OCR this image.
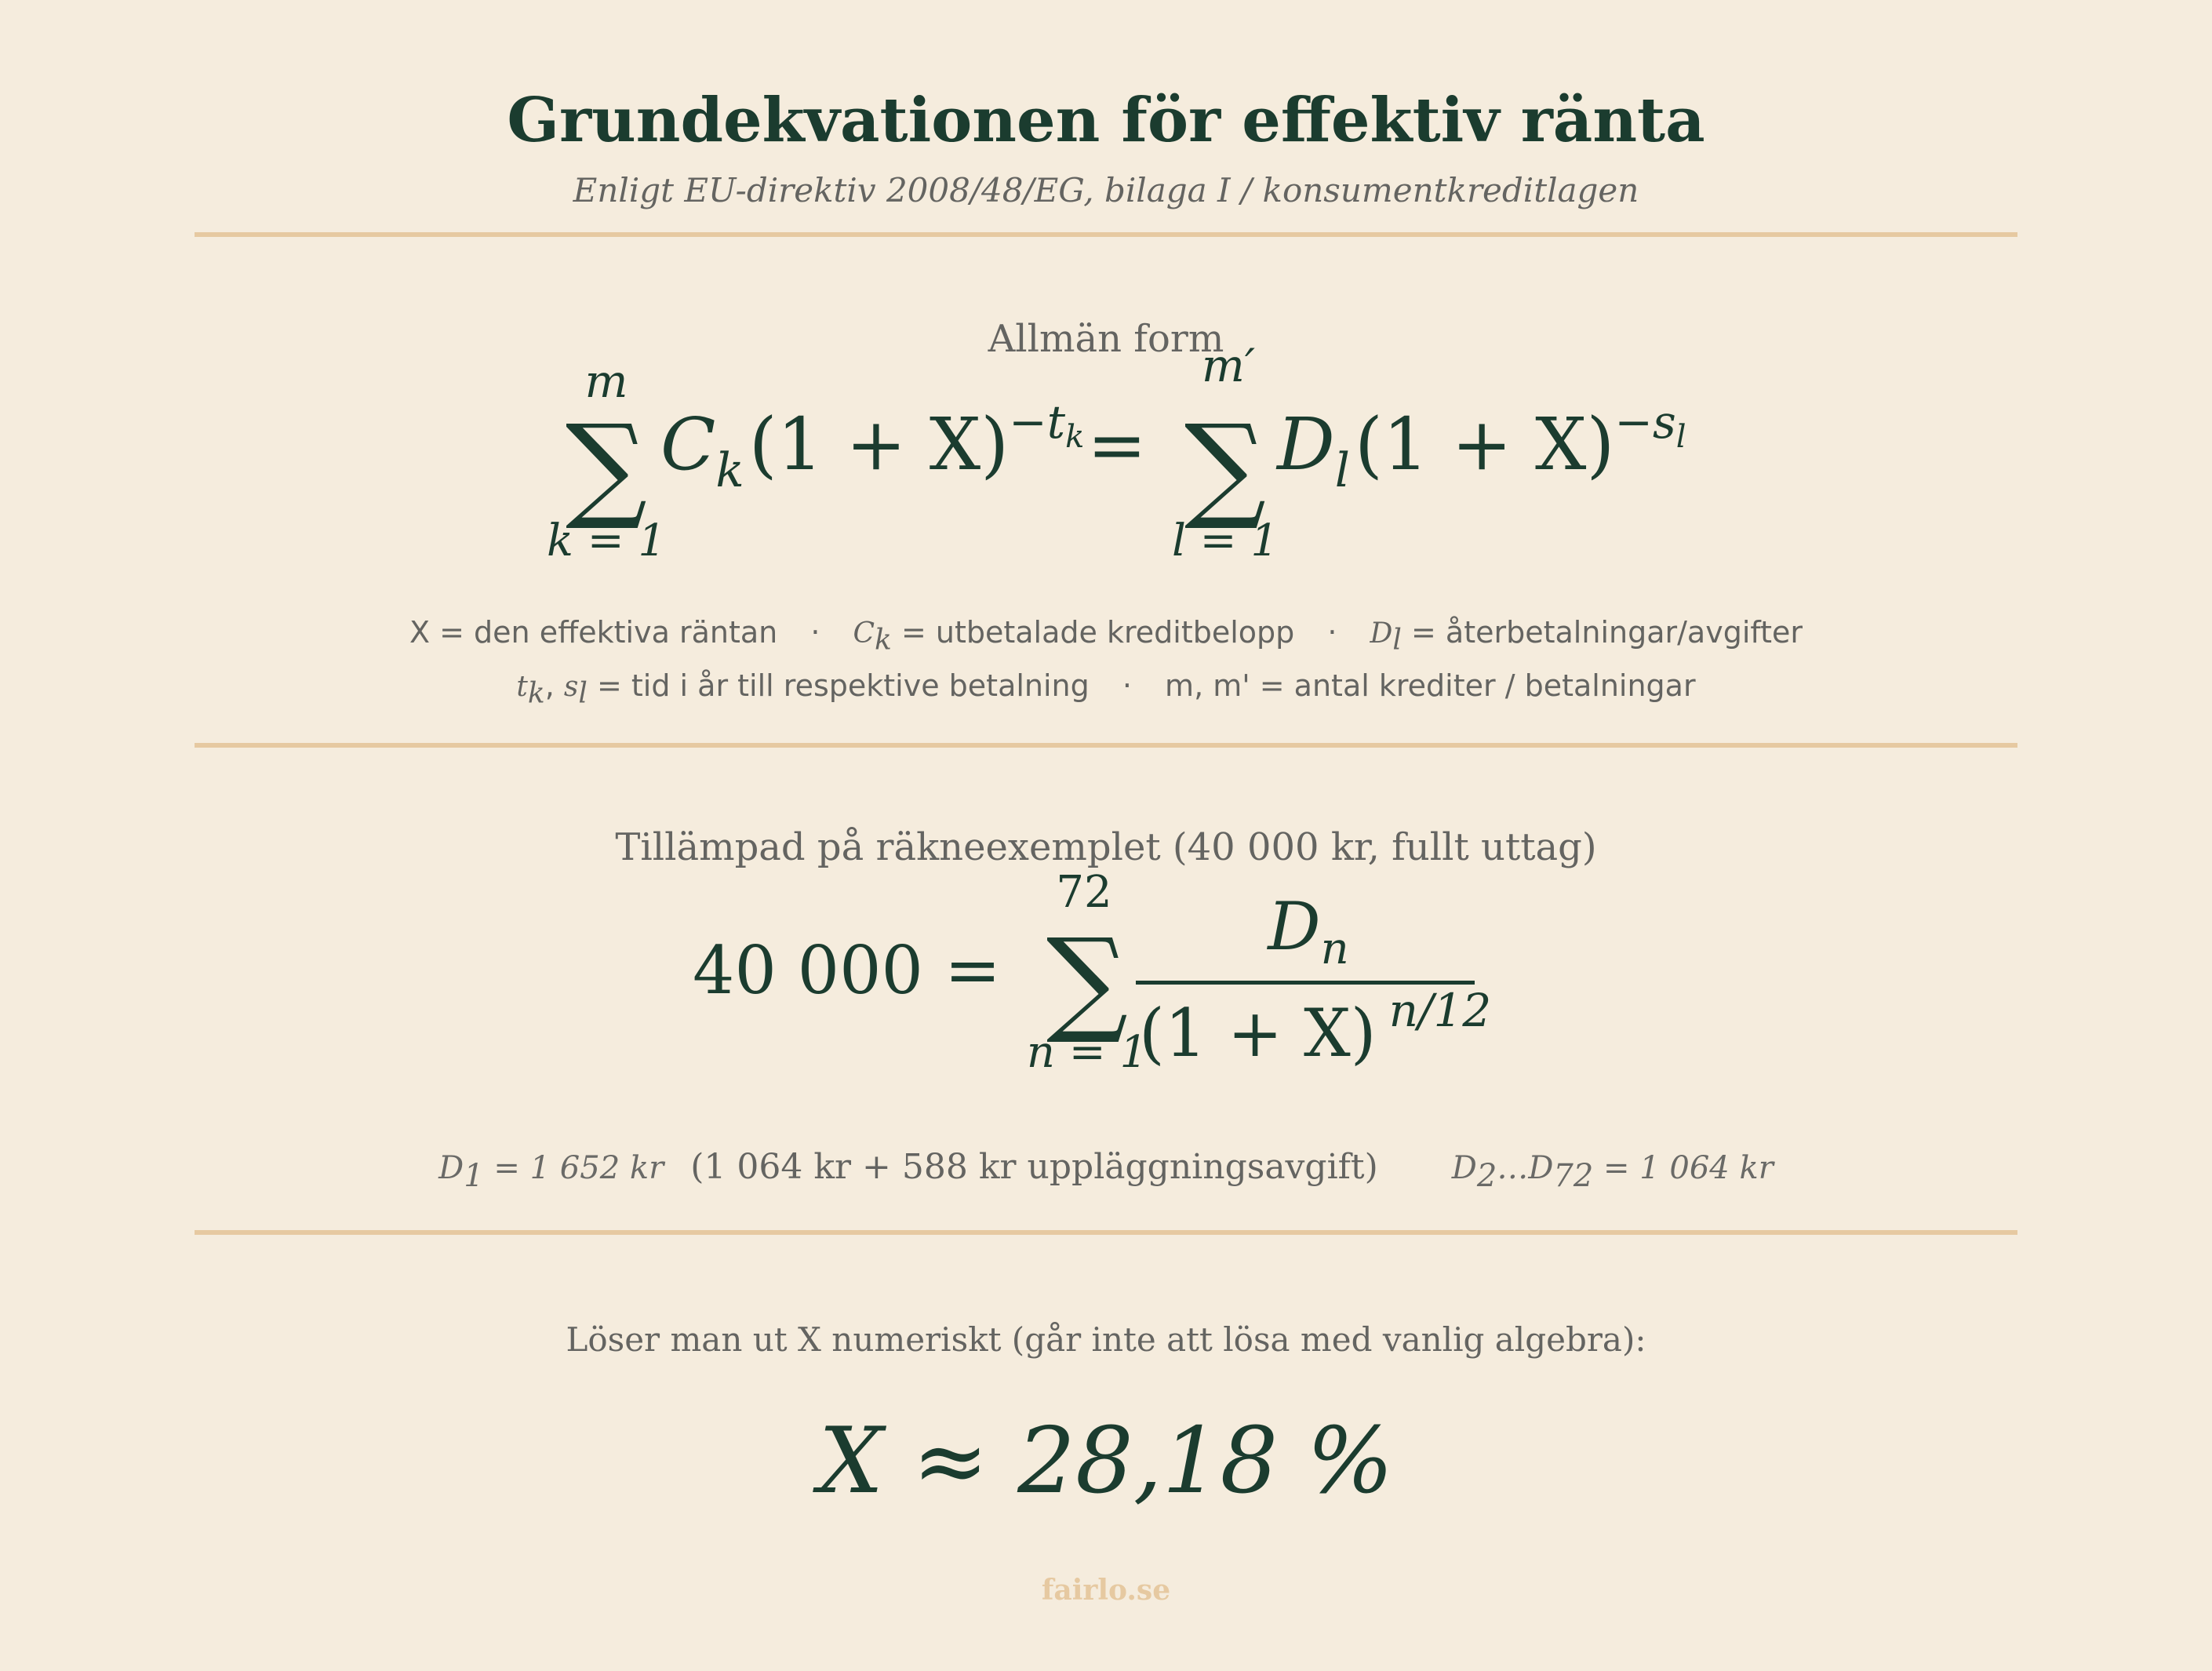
Grundekvationen för effektiv ränta
Enligt EU-direktiv 2008/48/EG, bilaga I / konsumentkreditlagen
Allmän form
m
∑
k = 1
$C_k(1 + X)^{-t}k$ =
m′
∑
l = 1
$D_l(1 + X)^{-s}l$
X = den effektiva räntan · $C_k$ = utbetalade kreditbelopp · $D_l$ = återbetalningar/avgifter
$t_k$, $s_l$ = tid i år till respektive betalning · m, m' = antal krediter / betalningar
Tillämpad på räkneexemplet (40 000 kr, fullt uttag)
40 000 =
72
∑
n = 1
$D_n$
(1 + X) $^{n/12}$
$D_1 = 1$ 652 kr (1 064 kr + 588 kr uppläggningsavgift) $D_2\dots D_{72} = 1$ 064 kr
Löser man ut X numeriskt (går inte att lösa med vanlig algebra):
X ≈ 28,18 %
fairlo.se
